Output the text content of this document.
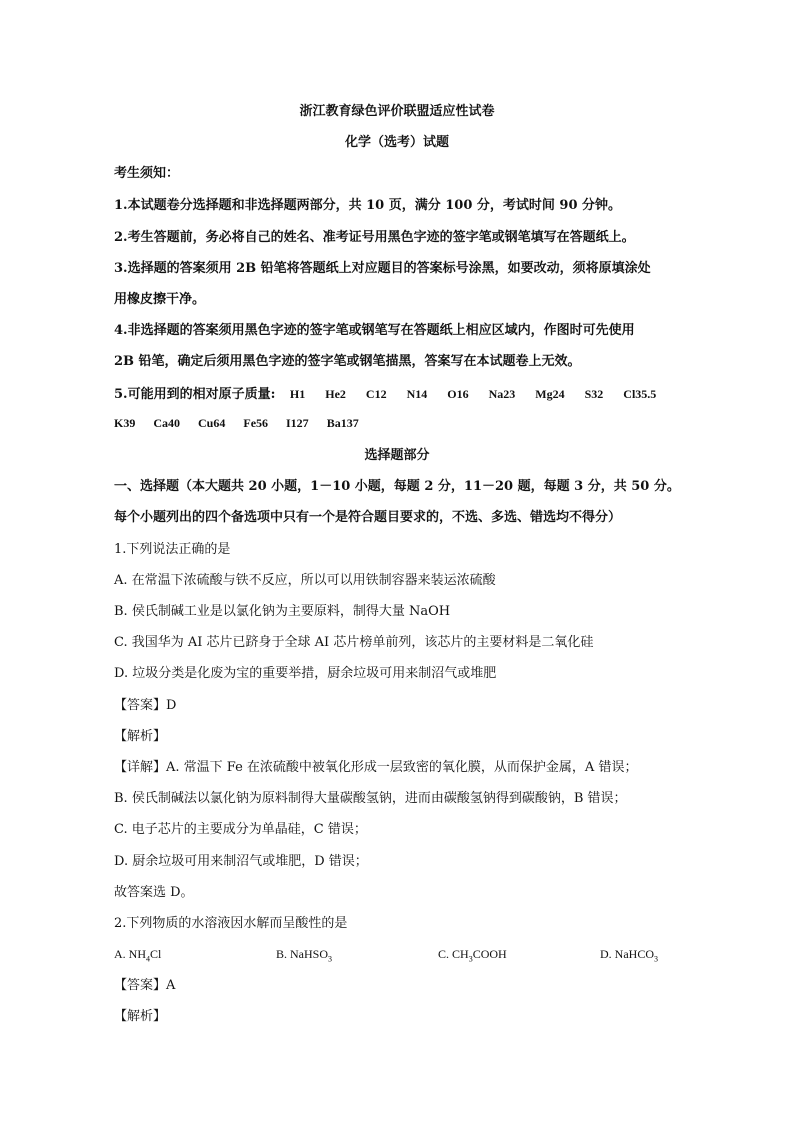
浙江教育绿色评价联盟适应性试卷
化学（选考）试题
考生须知：
1.本试题卷分选择题和非选择题两部分，共 10 页，满分 100 分，考试时间 90 分钟。
2.考生答题前，务必将自己的姓名、准考证号用黑色字迹的签字笔或钢笔填写在答题纸上。
3.选择题的答案须用 2B 铅笔将答题纸上对应题目的答案标号涂黑，如要改动，须将原填涂处
用橡皮擦干净。
4.非选择题的答案须用黑色字迹的签字笔或钢笔写在答题纸上相应区域内，作图时可先使用
2B 铅笔，确定后须用黑色字迹的签字笔或钢笔描黑，答案写在本试题卷上无效。
5.可能用到的相对原子质量: H1 He2 C12 N14 O16 Na23 Mg24 S32 Cl35.5
K39 Ca40 Cu64 Fe56 I127 Ba137
选择题部分
一、选择题（本大题共 20 小题，1－10 小题，每题 2 分，11－20 题，每题 3 分，共 50 分。
每个小题列出的四个备选项中只有一个是符合题目要求的，不选、多选、错选均不得分）
1.下列说法正确的是
A. 在常温下浓硫酸与铁不反应，所以可以用铁制容器来装运浓硫酸
B. 侯氏制碱工业是以氯化钠为主要原料，制得大量 NaOH
C. 我国华为 AI 芯片已跻身于全球 AI 芯片榜单前列，该芯片的主要材料是二氧化硅
D. 垃圾分类是化废为宝的重要举措，厨余垃圾可用来制沼气或堆肥
【答案】D
【解析】
【详解】A. 常温下 Fe 在浓硫酸中被氧化形成一层致密的氧化膜，从而保护金属，A 错误；
B. 侯氏制碱法以氯化钠为原料制得大量碳酸氢钠，进而由碳酸氢钠得到碳酸钠，B 错误；
C. 电子芯片的主要成分为单晶硅，C 错误；
D. 厨余垃圾可用来制沼气或堆肥，D 错误；
故答案选 D。
2.下列物质的水溶液因水解而呈酸性的是
A. $NH_4Cl$	B. NaHSO$_3$	C. $CH_3COOH$	D. NaHCO$_3$
【答案】A
【解析】
